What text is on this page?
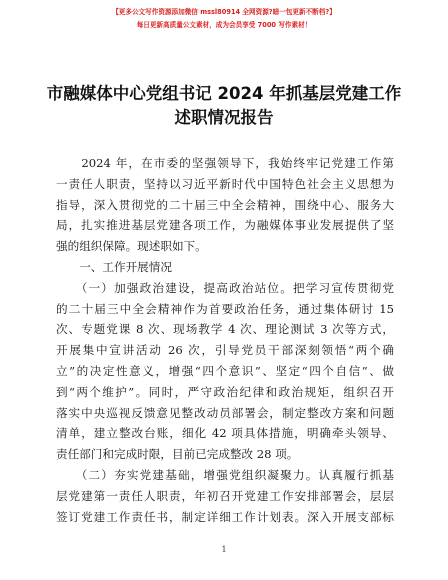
【更多公文写作资源添加微信 mssl80914 全网资源?暗一包更新不断档?】
每日更新高质量公文素材，成为会员享受 7000 写作素材！
市融媒体中心党组书记 2024 年抓基层党建工作
述职情况报告

　　2024 年，在市委的坚强领导下，我始终牢记党建工作第
一责任人职责，坚持以习近平新时代中国特色社会主义思想为
指导，深入贯彻党的二十届三中全会精神，围绕中心、服务大
局，扎实推进基层党建各项工作，为融媒体事业发展提供了坚
强的组织保障。现述职如下。

　　一、工作开展情况

　　（一）加强政治建设，提高政治站位。把学习宣传贯彻党
的二十届三中全会精神作为首要政治任务，通过集体研讨 15
次、专题党课 8 次、现场教学 4 次、理论测试 3 次等方式，
开展集中宣讲活动 26 次，引导党员干部深刻领悟“两个确
立”的决定性意义，增强“四个意识”、坚定“四个自信”、做
到“两个维护”。同时，严守政治纪律和政治规矩，组织召开
落实中央巡视反馈意见整改动员部署会，制定整改方案和问题
清单，建立整改台账，细化 42 项具体措施，明确牵头领导、
责任部门和完成时限，目前已完成整改 28 项。

　　（二）夯实党建基础，增强党组织凝聚力。认真履行抓基
层党建第一责任人职责，年初召开党建工作安排部署会，层层
签订党建工作责任书，制定详细工作计划表。深入开展支部标

1
